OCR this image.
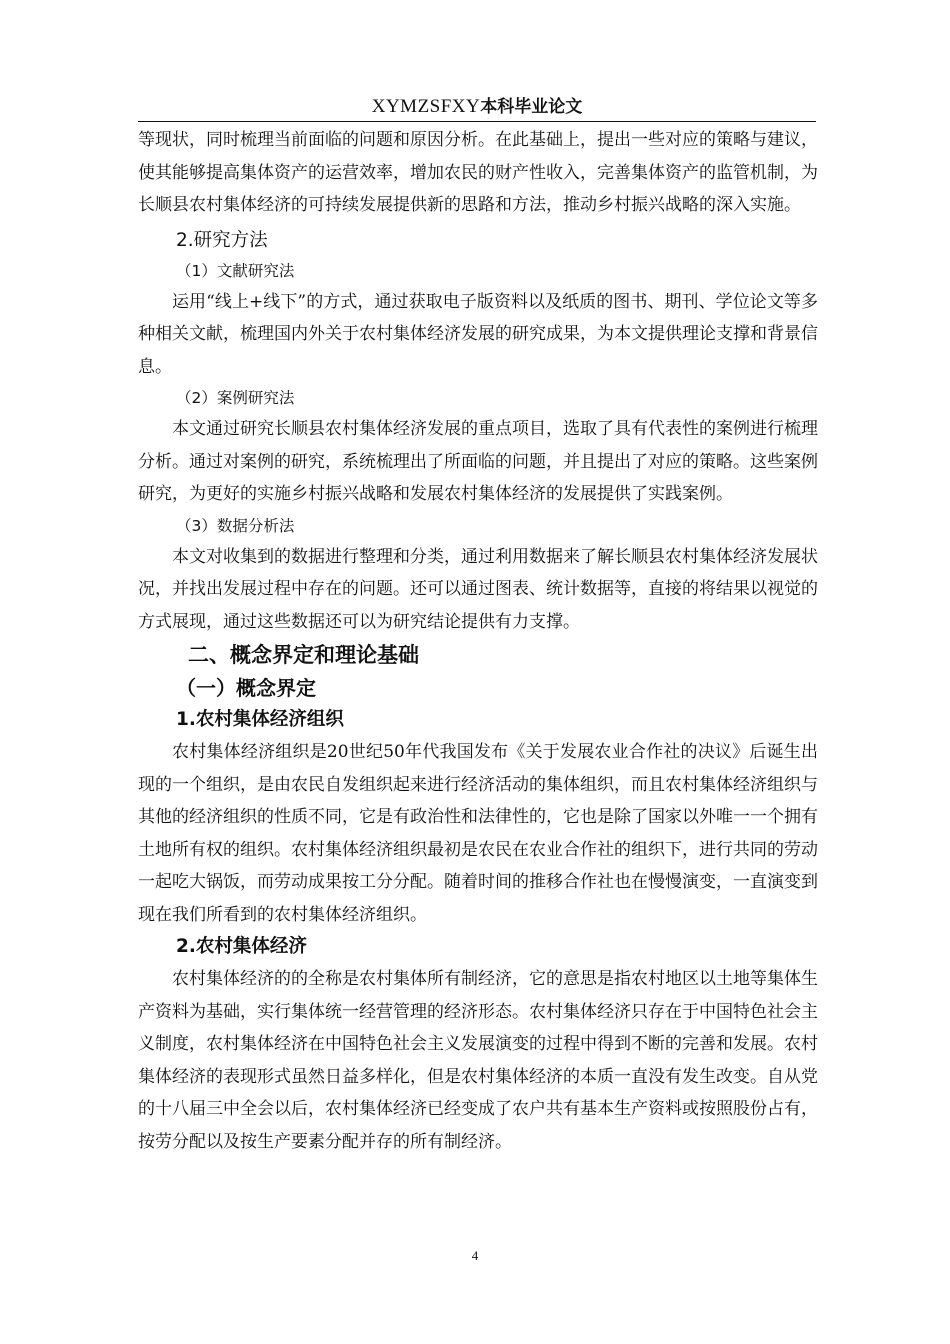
XYMZSFXY本科毕业论文

等现状，同时梳理当前面临的问题和原因分析。在此基础上，提出一些对应的策略与建议，使其能够提高集体资产的运营效率，增加农民的财产性收入，完善集体资产的监管机制，为长顺县农村集体经济的可持续发展提供新的思路和方法，推动乡村振兴战略的深入实施。

2.研究方法

（1）文献研究法

运用“线上+线下”的方式，通过获取电子版资料以及纸质的图书、期刊、学位论文等多种相关文献，梳理国内外关于农村集体经济发展的研究成果，为本文提供理论支撑和背景信息。

（2）案例研究法

本文通过研究长顺县农村集体经济发展的重点项目，选取了具有代表性的案例进行梳理分析。通过对案例的研究，系统梳理出了所面临的问题，并且提出了对应的策略。这些案例研究，为更好的实施乡村振兴战略和发展农村集体经济的发展提供了实践案例。

（3）数据分析法

本文对收集到的数据进行整理和分类，通过利用数据来了解长顺县农村集体经济发展状况，并找出发展过程中存在的问题。还可以通过图表、统计数据等，直接的将结果以视觉的方式展现，通过这些数据还可以为研究结论提供有力支撑。

二、概念界定和理论基础

（一）概念界定

1.农村集体经济组织

农村集体经济组织是20世纪50年代我国发布《关于发展农业合作社的决议》后诞生出现的一个组织，是由农民自发组织起来进行经济活动的集体组织，而且农村集体经济组织与其他的经济组织的性质不同，它是有政治性和法律性的，它也是除了国家以外唯一一个拥有土地所有权的组织。农村集体经济组织最初是农民在农业合作社的组织下，进行共同的劳动一起吃大锅饭，而劳动成果按工分分配。随着时间的推移合作社也在慢慢演变，一直演变到现在我们所看到的农村集体经济组织。

2.农村集体经济

农村集体经济的的全称是农村集体所有制经济，它的意思是指农村地区以土地等集体生产资料为基础，实行集体统一经营管理的经济形态。农村集体经济只存在于中国特色社会主义制度，农村集体经济在中国特色社会主义发展演变的过程中得到不断的完善和发展。农村集体经济的表现形式虽然日益多样化，但是农村集体经济的本质一直没有发生改变。自从党的十八届三中全会以后，农村集体经济已经变成了农户共有基本生产资料或按照股份占有，按劳分配以及按生产要素分配并存的所有制经济。

4
